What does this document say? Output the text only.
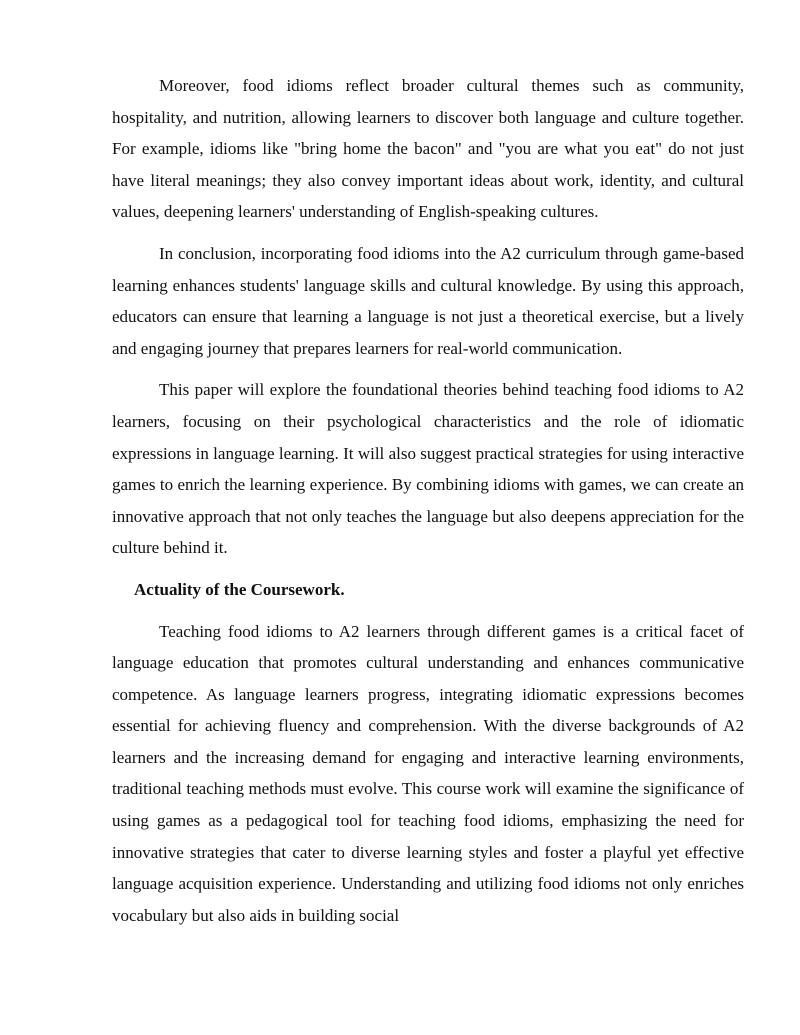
Moreover, food idioms reflect broader cultural themes such as community, hospitality, and nutrition, allowing learners to discover both language and culture together. For example, idioms like "bring home the bacon" and "you are what you eat" do not just have literal meanings; they also convey important ideas about work, identity, and cultural values, deepening learners' understanding of English-speaking cultures.

In conclusion, incorporating food idioms into the A2 curriculum through game-based learning enhances students' language skills and cultural knowledge. By using this approach, educators can ensure that learning a language is not just a theoretical exercise, but a lively and engaging journey that prepares learners for real-world communication.

This paper will explore the foundational theories behind teaching food idioms to A2 learners, focusing on their psychological characteristics and the role of idiomatic expressions in language learning. It will also suggest practical strategies for using interactive games to enrich the learning experience. By combining idioms with games, we can create an innovative approach that not only teaches the language but also deepens appreciation for the culture behind it.

Actuality of the Coursework.

Teaching food idioms to A2 learners through different games is a critical facet of language education that promotes cultural understanding and enhances communicative competence. As language learners progress, integrating idiomatic expressions becomes essential for achieving fluency and comprehension. With the diverse backgrounds of A2 learners and the increasing demand for engaging and interactive learning environments, traditional teaching methods must evolve. This course work will examine the significance of using games as a pedagogical tool for teaching food idioms, emphasizing the need for innovative strategies that cater to diverse learning styles and foster a playful yet effective language acquisition experience. Understanding and utilizing food idioms not only enriches vocabulary but also aids in building social
